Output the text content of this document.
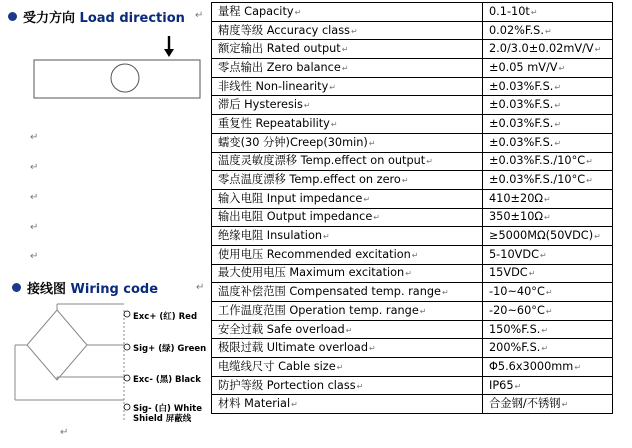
受力方向 Load direction ↵
↵
↵
↵
↵
↵
接线图 Wiring code	↵
Exc+ (红) Red
Sig+ (绿) Green
Exc- (黑) Black
Sig- (白) White
Shield 屏蔽线
↵
量程 Capacity↵	0.1-10t↵
精度等级 Accuracy class↵	0.02%F.S.↵
额定输出 Rated output↵	2.0/3.0±0.02mV/V↵
零点输出 Zero balance↵	±0.05 mV/V↵
非线性 Non-linearity↵	±0.03%F.S.↵
滞后 Hysteresis↵	±0.03%F.S.↵
重复性 Repeatability↵	±0.03%F.S.↵
蠕变(30 分钟)Creep(30min)↵	±0.03%F.S.↵
温度灵敏度漂移 Temp.effect on output↵	±0.03%F.S./10°C↵
零点温度漂移 Temp.effect on zero↵	±0.03%F.S./10°C↵
输入电阻 Input impedance↵	410±20Ω↵
输出电阻 Output impedance↵	350±10Ω↵
绝缘电阻 Insulation↵	≥5000MΩ(50VDC)↵
使用电压 Recommended excitation↵	5-10VDC↵
最大使用电压 Maximum excitation↵	15VDC↵
温度补偿范围 Compensated temp. range↵	-10~40°C↵
工作温度范围 Operation temp. range↵	-20~60°C↵
安全过载 Safe overload↵	150%F.S.↵
极限过载 Ultimate overload↵	200%F.S.↵
电缆线尺寸 Cable size↵	Φ5.6x3000mm↵
防护等级 Portection class↵	IP65↵
材料 Material↵	合金钢/不锈钢↵
